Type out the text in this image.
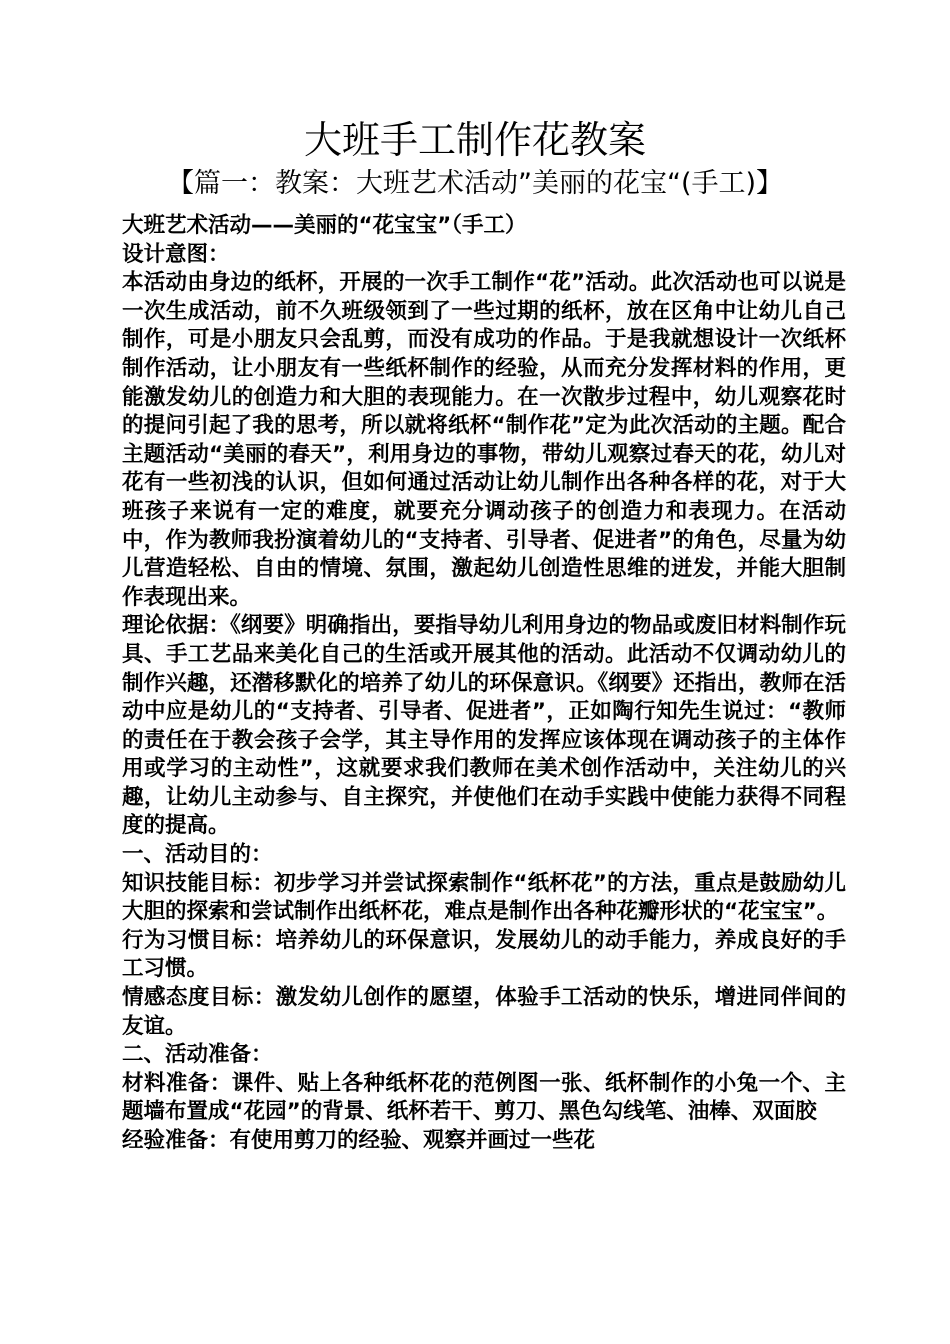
大班手工制作花教案
【篇一：教案：大班艺术活动”美丽的花宝“(手工)】

大班艺术活动——美丽的“花宝宝”（手工）

设计意图：

本活动由身边的纸杯，开展的一次手工制作“花”活动。此次活动也可以说是一次生成活动，前不久班级领到了一些过期的纸杯，放在区角中让幼儿自己制作，可是小朋友只会乱剪，而没有成功的作品。于是我就想设计一次纸杯制作活动，让小朋友有一些纸杯制作的经验，从而充分发挥材料的作用，更能激发幼儿的创造力和大胆的表现能力。在一次散步过程中，幼儿观察花时的提问引起了我的思考，所以就将纸杯“制作花”定为此次活动的主题。配合主题活动“美丽的春天”，利用身边的事物，带幼儿观察过春天的花，幼儿对花有一些初浅的认识，但如何通过活动让幼儿制作出各种各样的花，对于大班孩子来说有一定的难度，就要充分调动孩子的创造力和表现力。在活动中，作为教师我扮演着幼儿的“支持者、引导者、促进者”的角色，尽量为幼儿营造轻松、自由的情境、氛围，激起幼儿创造性思维的迸发，并能大胆制作表现出来。

理论依据：《纲要》明确指出，要指导幼儿利用身边的物品或废旧材料制作玩具、手工艺品来美化自己的生活或开展其他的活动。此活动不仅调动幼儿的制作兴趣，还潜移默化的培养了幼儿的环保意识。《纲要》还指出，教师在活动中应是幼儿的“支持者、引导者、促进者”，正如陶行知先生说过：“教师的责任在于教会孩子会学，其主导作用的发挥应该体现在调动孩子的主体作用或学习的主动性”，这就要求我们教师在美术创作活动中，关注幼儿的兴趣，让幼儿主动参与、自主探究，并使他们在动手实践中使能力获得不同程度的提高。

一、活动目的：

知识技能目标：初步学习并尝试探索制作“纸杯花”的方法，重点是鼓励幼儿大胆的探索和尝试制作出纸杯花，难点是制作出各种花瓣形状的“花宝宝”。

行为习惯目标：培养幼儿的环保意识，发展幼儿的动手能力，养成良好的手工习惯。

情感态度目标：激发幼儿创作的愿望，体验手工活动的快乐，增进同伴间的友谊。

二、活动准备：

材料准备：课件、贴上各种纸杯花的范例图一张、纸杯制作的小兔一个、主题墙布置成“花园”的背景、纸杯若干、剪刀、黑色勾线笔、油棒、双面胶

经验准备：有使用剪刀的经验、观察并画过一些花
